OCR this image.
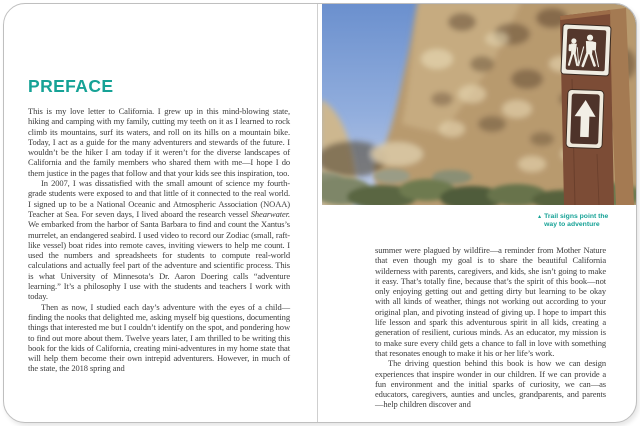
PREFACE

This is my love letter to California. I grew up in this mind-blowing state, hiking and camping with my family, cutting my teeth on it as I learned to rock climb its mountains, surf its waters, and roll on its hills on a mountain bike. Today, I act as a guide for the many adventurers and stewards of the future. I wouldn’t be the hiker I am today if it weren’t for the diverse landscapes of California and the family members who shared them with me—I hope I do them justice in the pages that follow and that your kids see this inspiration, too.

In 2007, I was dissatisfied with the small amount of science my fourth-grade students were exposed to and that little of it connected to the real world. I signed up to be a National Oceanic and Atmospheric Association (NOAA) Teacher at Sea. For seven days, I lived aboard the research vessel Shearwater. We embarked from the harbor of Santa Barbara to find and count the Xantus’s murrelet, an endangered seabird. I used video to record our Zodiac (small, raft-like vessel) boat rides into remote caves, inviting viewers to help me count. I used the numbers and spreadsheets for students to compute real-world calculations and actually feel part of the adventure and scientific process. This is what University of Minnesota’s Dr. Aaron Doering calls “adventure learning.” It’s a philosophy I use with the students and teachers I work with today.

Then as now, I studied each day’s adventure with the eyes of a child—finding the nooks that delighted me, asking myself big questions, documenting things that interested me but I couldn’t identify on the spot, and pondering how to find out more about them. Twelve years later, I am thrilled to be writing this book for the kids of California, creating mini-adventures in my home state that will help them become their own intrepid adventurers. However, in much of the state, the 2018 spring and

▲ Trail signs point the way to adventure

summer were plagued by wildfire—a reminder from Mother Nature that even though my goal is to share the beautiful California wilderness with parents, caregivers, and kids, she isn’t going to make it easy. That’s totally fine, because that’s the spirit of this book—not only enjoying getting out and getting dirty but learning to be okay with all kinds of weather, things not working out according to your original plan, and pivoting instead of giving up. I hope to impart this life lesson and spark this adventurous spirit in all kids, creating a generation of resilient, curious minds. As an educator, my mission is to make sure every child gets a chance to fall in love with something that resonates enough to make it his or her life’s work.

The driving question behind this book is how we can design experiences that inspire wonder in our children. If we can provide a fun environment and the initial sparks of curiosity, we can—as educators, caregivers, aunties and uncles, grandparents, and parents—help children discover and
